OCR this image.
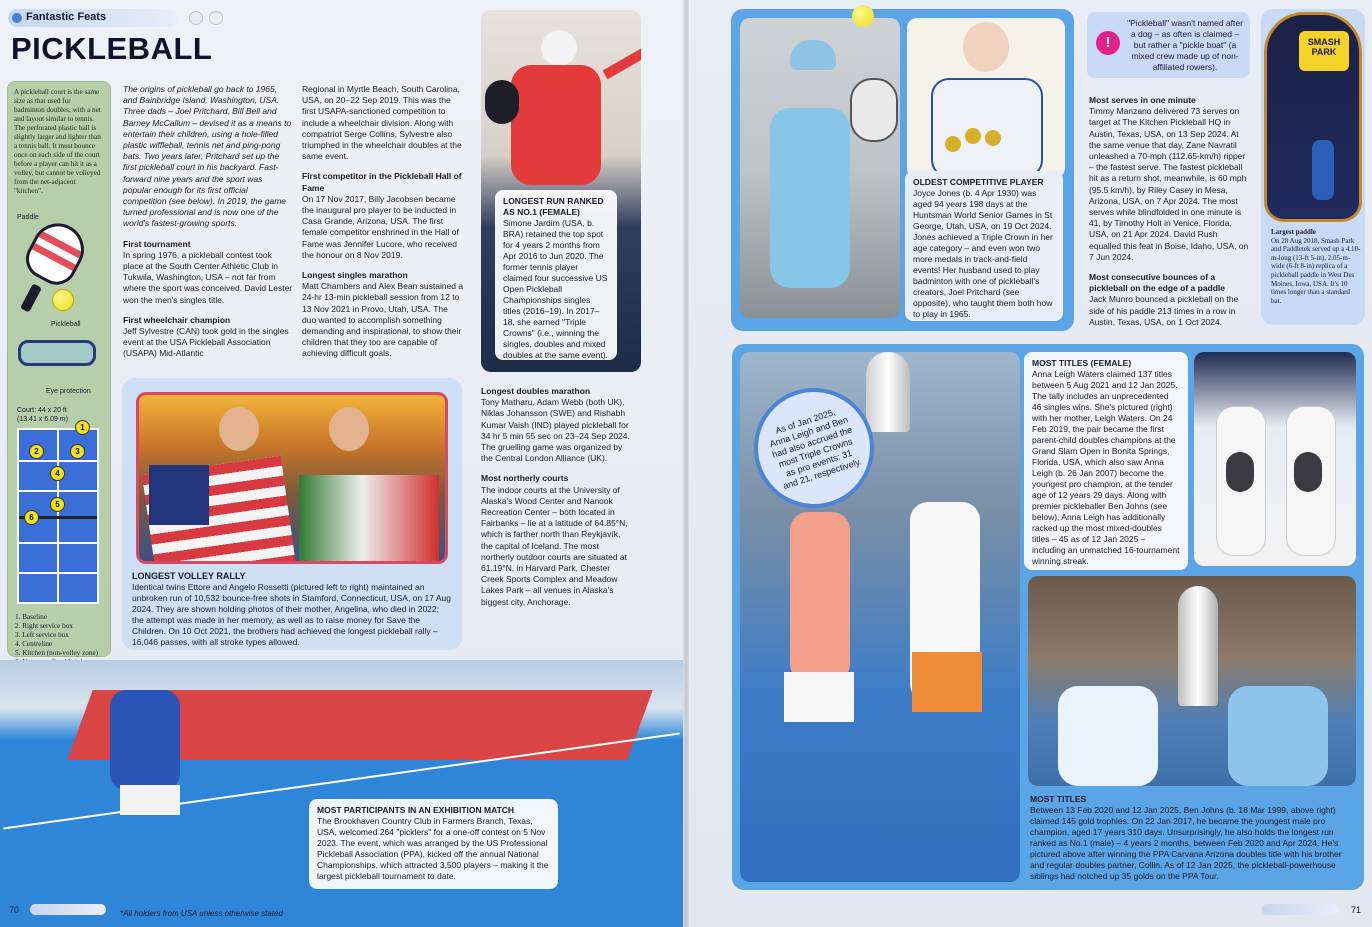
Fantastic Feats
PICKLEBALL
A pickleball court is the same size as that used for badminton doubles, with a net and layout similar to tennis. The perforated plastic ball is slightly larger and lighter than a tennis ball. It must bounce once on each side of the court before a player can hit it as a volley, but cannot be volleyed from the net-adjacent "kitchen".
Paddle
Pickleball
Eye protection
Court: 44 x 20 ft (13.41 x 6.09 m)
1
2	3
4
5
6
1. Baseline
2. Right service box
3. Left service box
4. Centreline
5. Kitchen (non-volley zone)

The origins of pickleball go back to 1965, and Bainbridge Island, Washington, USA. Three dads – Joel Pritchard, Bill Bell and Barney McCallum – devised it as a means to entertain their children, using a hole-filled plastic wiffleball, tennis net and ping-pong bats. Two years later, Pritchard set up the first pickleball court in his backyard. Fast-forward nine years and the sport was popular enough for its first official competition (see below). In 2019, the game turned professional and is now one of the world's fastest-growing sports.

First tournament
In spring 1976, a pickleball contest took place at the South Center Athletic Club in Tukwila, Washington, USA – not far from where the sport was conceived. David Lester won the men's singles title.

First wheelchair champion
Jeff Sylvestre (CAN) took gold in the singles event at the USA Pickleball Association (USAPA) Mid-Atlantic

Regional in Myrtle Beach, South Carolina, USA, on 20–22 Sep 2019. This was the first USAPA-sanctioned competition to include a wheelchair division. Along with compatriot Serge Collins, Sylvestre also triumphed in the wheelchair doubles at the same event.

First competitor in the Pickleball Hall of Fame
On 17 Nov 2017, Billy Jacobsen became the inaugural pro player to be inducted in Casa Grande, Arizona, USA. The first female competitor enshrined in the Hall of Fame was Jennifer Lucore, who received the honour on 8 Nov 2019.

Longest singles marathon
Matt Chambers and Alex Bean sustained a 24-hr 13-min pickleball session from 12 to 13 Nov 2021 in Provo, Utah, USA. The duo wanted to accomplish something demanding and inspirational, to show their children that they too are capable of achieving difficult goals.

LONGEST VOLLEY RALLY
Identical twins Ettore and Angelo Rossetti (pictured left to right) maintained an unbroken run of 10,532 bounce-free shots in Stamford, Connecticut, USA, on 17 Aug 2024. They are shown holding photos of their mother, Angelina, who died in 2022; the attempt was made in her memory, as well as to raise money for Save the Children. On 10 Oct 2021, the brothers had achieved the longest pickleball rally – 16,046 passes, with all stroke types allowed.
LONGEST RUN RANKED AS NO.1 (FEMALE)
Simone Jardim (USA, b. BRA) retained the top spot for 4 years 2 months from Apr 2016 to Jun 2020. The former tennis player claimed four successive US Open Pickleball Championships singles titles (2016–19). In 2017–18, she earned "Triple Crowns" (i.e., winning the singles, doubles and mixed doubles at the same event).

Longest doubles marathon
Tony Matharu, Adam Webb (both UK), Niklas Johansson (SWE) and Rishabh Kumar Vaish (IND) played pickleball for 34 hr 5 min 55 sec on 23–24 Sep 2024. The gruelling game was organized by the Central London Alliance (UK).

Most northerly courts
The indoor courts at the University of Alaska's Wood Center and Nanook Recreation Center – both located in Fairbanks – lie at a latitude of 64.85°N, which is farther north than Reykjavík, the capital of Iceland. The most northerly outdoor courts are situated at 61.19°N, in Harvard Park, Chester Creek Sports Complex and Meadow Lakes Park – all venues in Alaska's biggest city, Anchorage.

MOST PARTICIPANTS IN AN EXHIBITION MATCH
The Brookhaven Country Club in Farmers Branch, Texas, USA, welcomed 264 "picklers" for a one-off contest on 5 Nov 2023. The event, which was arranged by the US Professional Pickleball Association (PPA), kicked off the annual National Championships, which attracted 3,500 players – making it the largest pickleball tournament to date.
70	*All holders from USA unless otherwise stated
OLDEST COMPETITIVE PLAYER
Joyce Jones (b. 4 Apr 1930) was aged 94 years 198 days at the Huntsman World Senior Games in St George, Utah, USA, on 19 Oct 2024. Jones achieved a Triple Crown in her age category – and even won two more medals in track-and-field events! Her husband used to play badminton with one of pickleball's creators, Joel Pritchard (see opposite), who taught them both how to play in 1965.
!
"Pickleball" wasn't named after a dog – as often is claimed – but rather a "pickle boat" (a mixed crew made up of non-affiliated rowers).

Most serves in one minute
Timmy Manzano delivered 73 serves on target at The Kitchen Pickleball HQ in Austin, Texas, USA, on 13 Sep 2024. At the same venue that day, Zane Navratil unleashed a 70-mph (112.65-km/h) ripper – the fastest serve. The fastest pickleball hit as a return shot, meanwhile, is 60 mph (95.5 km/h), by Riley Casey in Mesa, Arizona, USA, on 7 Apr 2024. The most serves while blindfolded in one minute is 41, by Timothy Holt in Venice, Florida, USA, on 21 Apr 2024. David Rush equalled this feat in Boise, Idaho, USA, on 7 Jun 2024.

Most consecutive bounces of a pickleball on the edge of a paddle
Jack Munro bounced a pickleball on the side of his paddle 213 times in a row in Austin, Texas, USA, on 1 Oct 2024.

SMASH PARK
Largest paddle
On 28 Aug 2018, Smash Park and Paddletek served up a 4.10-m-long (13-ft 5-in), 2.05-m-wide (6-ft 8-in) replica of a pickleball paddle in West Des Moines, Iowa, USA. It's 10 times longer than a standard bat.
As of Jan 2025, Anna Leigh and Ben had also accrued the most Triple Crowns as pro events: 31 and 21, respectively.
MOST TITLES (FEMALE)
Anna Leigh Waters claimed 137 titles between 5 Aug 2021 and 12 Jan 2025. The tally includes an unprecedented 46 singles wins. She's pictured (right) with her mother, Leigh Waters. On 24 Feb 2019, the pair became the first parent-child doubles champions at the Grand Slam Open in Bonita Springs, Florida, USA, which also saw Anna Leigh (b. 26 Jan 2007) become the youngest pro champion, at the tender age of 12 years 29 days. Along with premier pickleballer Ben Johns (see below), Anna Leigh has additionally racked up the most mixed-doubles titles – 45 as of 12 Jan 2025 – including an unmatched 16-tournament winning streak.
MOST TITLES
Between 13 Feb 2020 and 12 Jan 2025, Ben Johns (b. 18 Mar 1999, above right) claimed 145 gold trophies. On 22 Jan 2017, he became the youngest male pro champion, aged 17 years 310 days. Unsurprisingly, he also holds the longest run ranked as No.1 (male) – 4 years 2 months, between Feb 2020 and Apr 2024. He's pictured above after winning the PPA Carvana Arizona doubles title with his brother and regular doubles partner, Collin. As of 12 Jan 2025, the pickleball-powerhouse siblings had notched up 35 golds on the PPA Tour.
71
